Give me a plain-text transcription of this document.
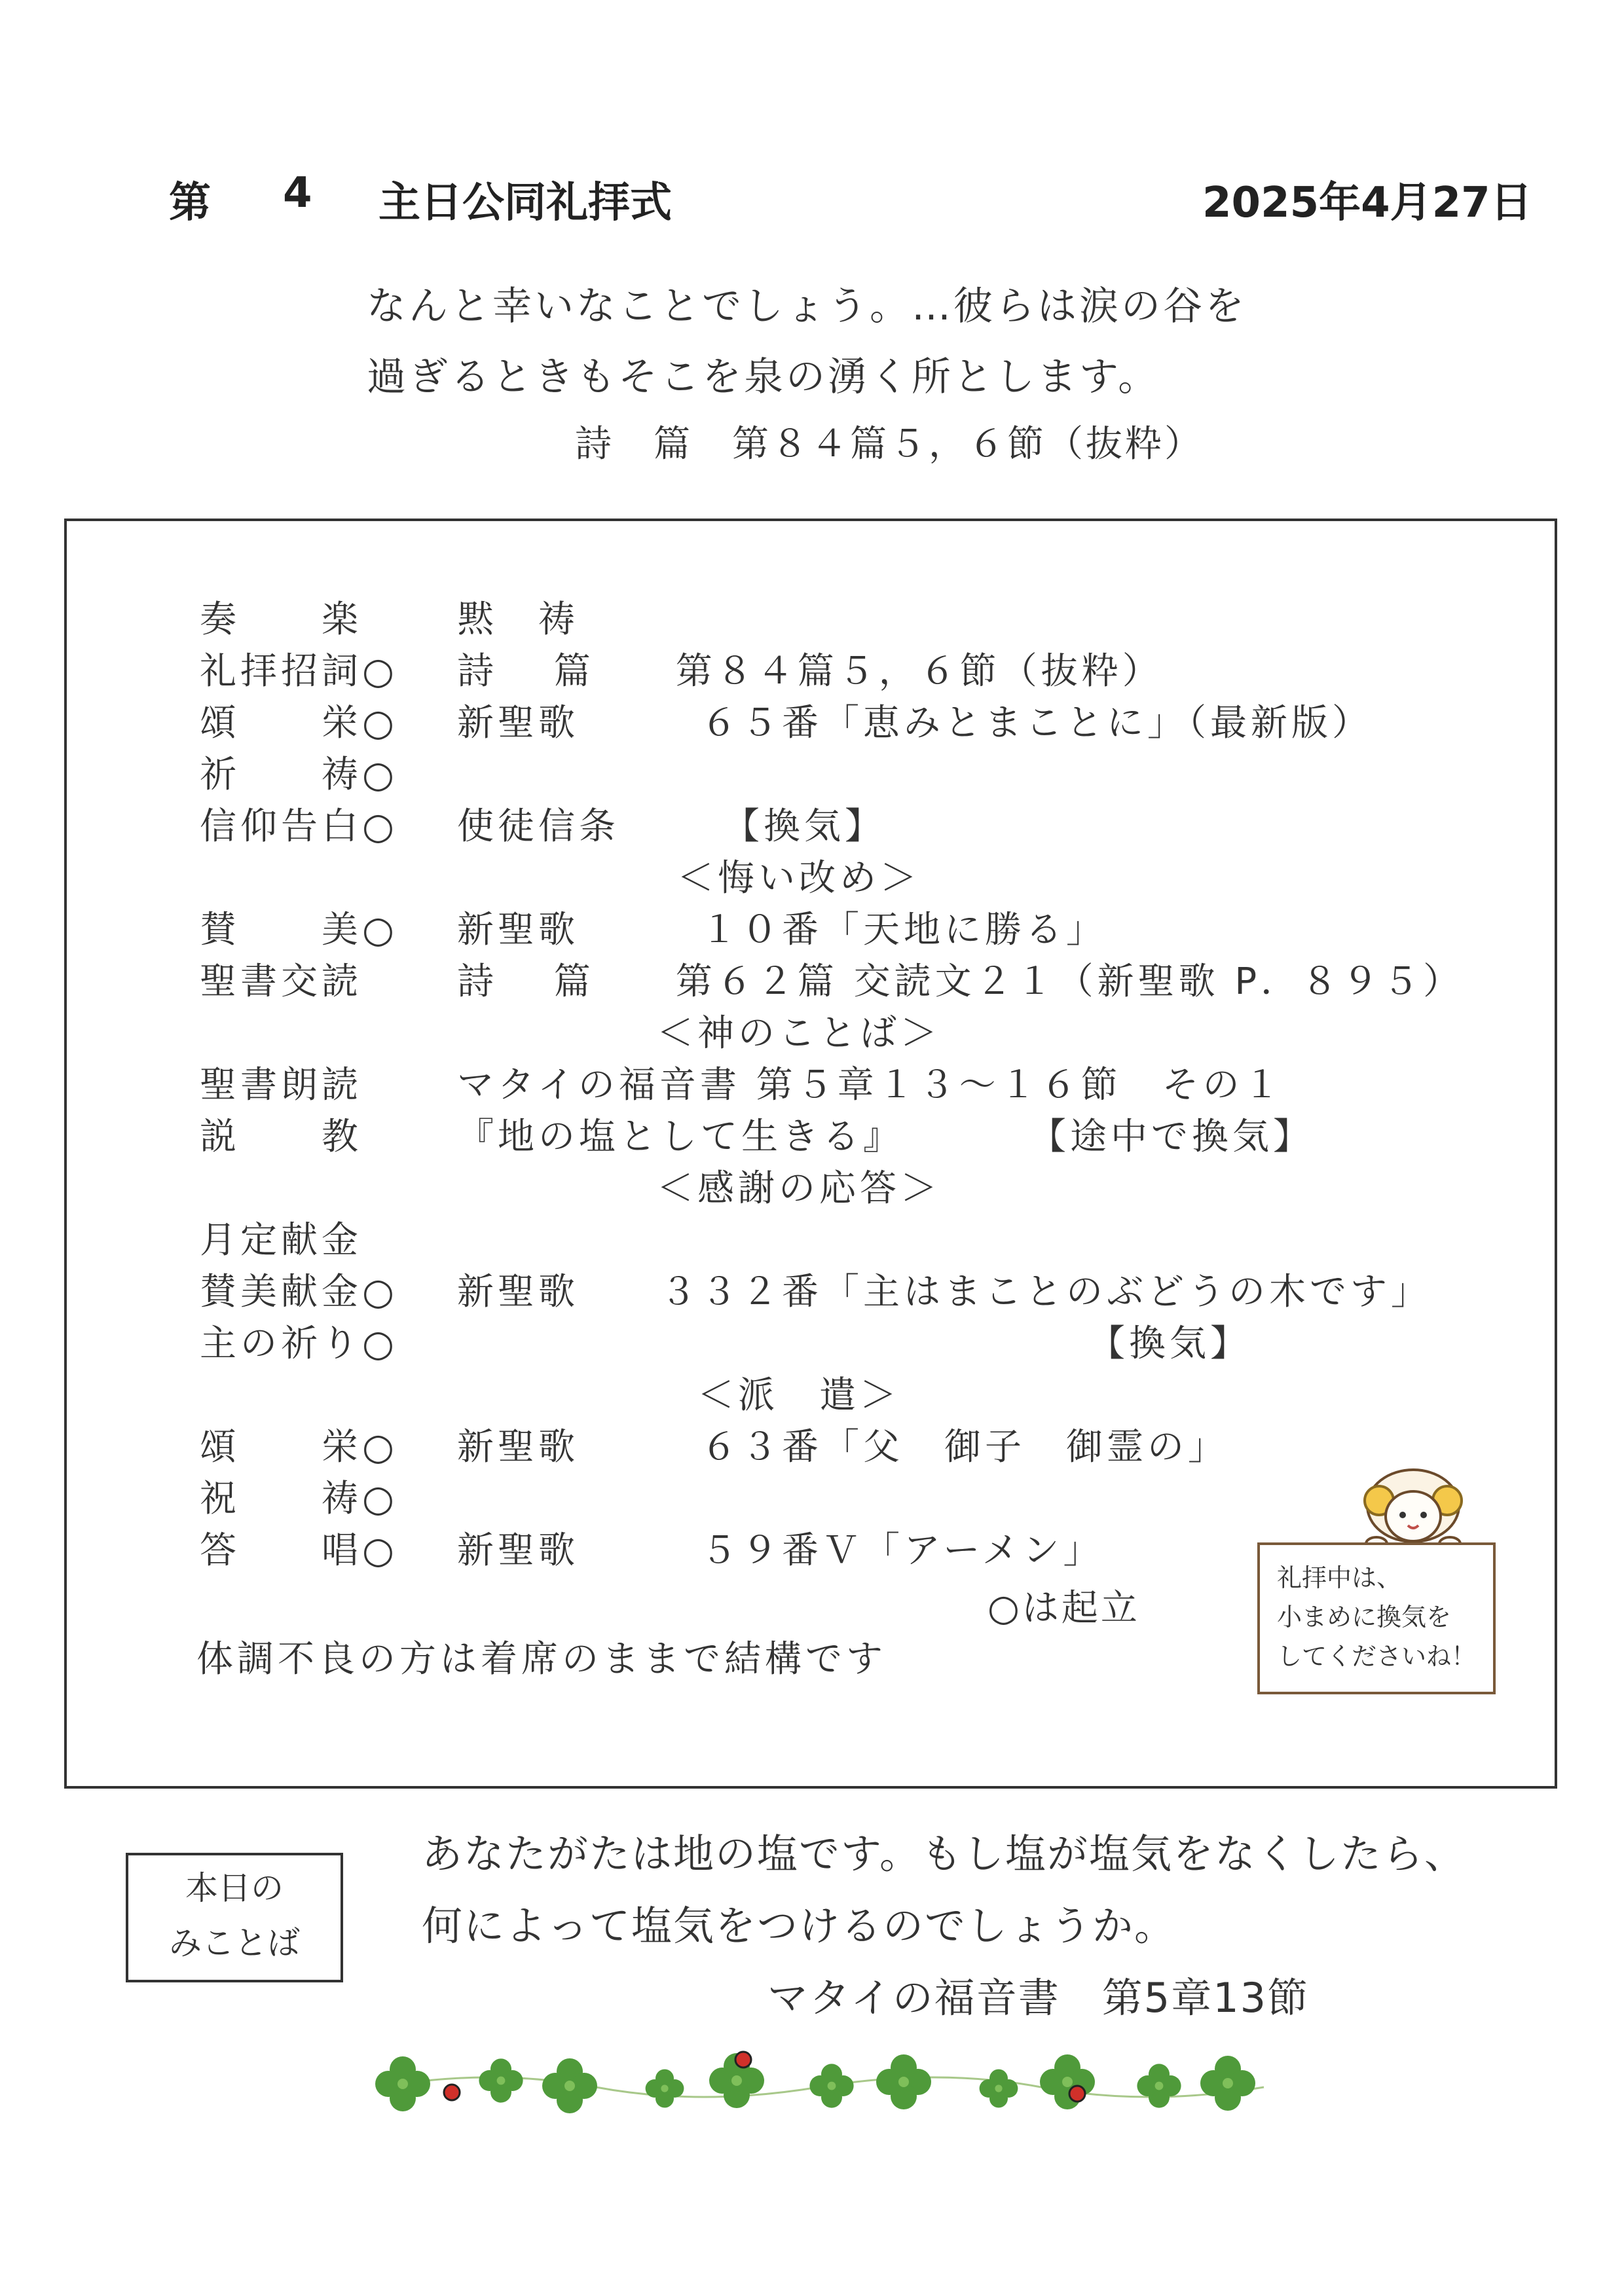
第 4 主日公同礼拝式	2025年4月27日
なんと幸いなことでしょう。…彼らは涙の谷を
過ぎるときもそこを泉の湧く所とします。
詩　篇　第８４篇５，６節（抜粋）
奏　　楽	黙　祷
礼拝招詞○	詩　 篇　　第８４篇５，６節（抜粋）
頌　　栄○	新聖歌　　　６５番「恵みとまことに」（最新版）
祈　　祷○
信仰告白○	使徒信条　　　【換気】
＜悔い改め＞
賛　　美○	新聖歌　　　１０番「天地に勝る」
聖書交読	詩　 篇　　第６２篇 交読文２１（新聖歌 P．８９５）
＜神のことば＞
聖書朗読	マタイの福音書 第５章１３～１６節　その１
説　　教	『地の塩として生きる』　　　　【途中で換気】
＜感謝の応答＞
月定献金
賛美献金○	新聖歌　　３３２番「主はまことのぶどうの木です」
主の祈り○	　　　　　　　　　　　　　　　　【換気】
＜派　遣＞
頌　　栄○	新聖歌　　　６３番「父　御子　御霊の」
祝　　祷○
答　　唱○	新聖歌　　　５９番Ｖ「アーメン」
○は起立
体調不良の方は着席のままで結構です
礼拝中は、
小まめに換気を
してくださいね！
本日の
みことば
あなたがたは地の塩です。もし塩が塩気をなくしたら、
何によって塩気をつけるのでしょうか。
マタイの福音書　第5章13節
